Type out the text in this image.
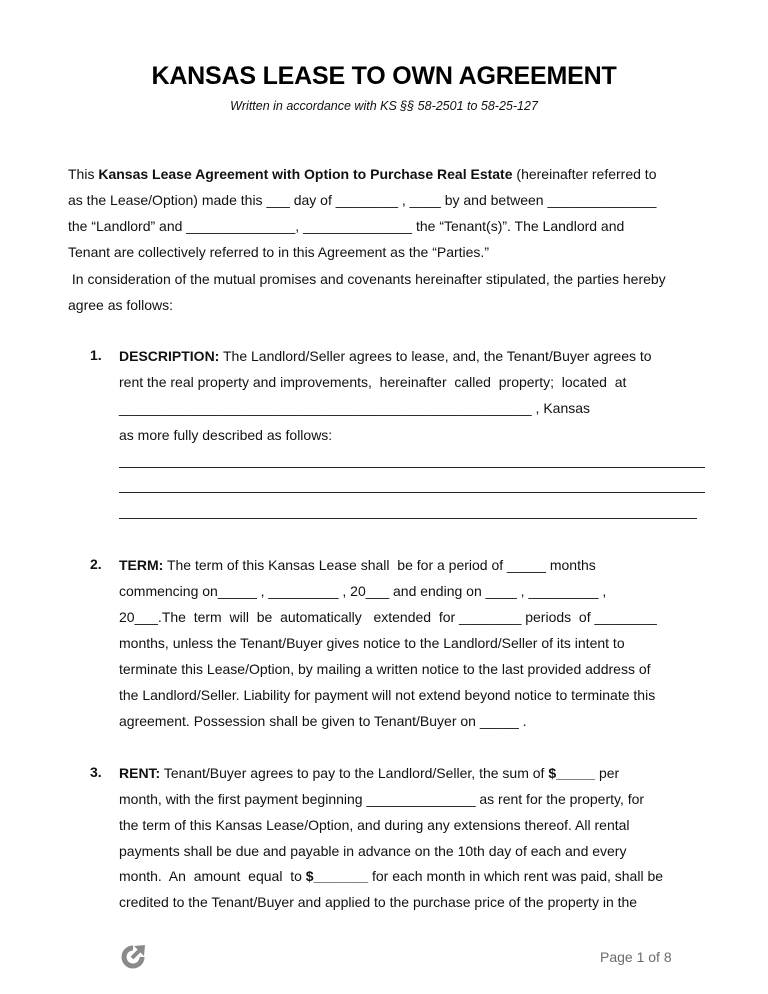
KANSAS LEASE TO OWN AGREEMENT
Written in accordance with KS §§ 58-2501 to 58-25-127
This Kansas Lease Agreement with Option to Purchase Real Estate (hereinafter referred to
as the Lease/Option) made this ___ day of ________ , ____ by and between ______________
the “Landlord” and ______________, ______________ the “Tenant(s)”. The Landlord and
Tenant are collectively referred to in this Agreement as the “Parties.”
In consideration of the mutual promises and covenants hereinafter stipulated, the parties hereby
agree as follows:
1. DESCRIPTION: The Landlord/Seller agrees to lease, and, the Tenant/Buyer agrees to
rent the real property and improvements,  hereinafter  called  property;  located  at
_____________________________________________________ , Kansas
as more fully described as follows:
2. TERM: The term of this Kansas Lease shall  be for a period of _____ months
commencing on_____ , _________ , 20___ and ending on ____ , _________ ,
20___.The  term  will  be  automatically   extended  for ________ periods  of ________
months, unless the Tenant/Buyer gives notice to the Landlord/Seller of its intent to
terminate this Lease/Option, by mailing a written notice to the last provided address of
the Landlord/Seller. Liability for payment will not extend beyond notice to terminate this
agreement. Possession shall be given to Tenant/Buyer on _____ .
3. RENT: Tenant/Buyer agrees to pay to the Landlord/Seller, the sum of $_____ per
month, with the first payment beginning ______________ as rent for the property, for
the term of this Kansas Lease/Option, and during any extensions thereof. All rental
payments shall be due and payable in advance on the 10th day of each and every
month.  An  amount  equal  to $_______ for each month in which rent was paid, shall be
credited to the Tenant/Buyer and applied to the purchase price of the property in the
Page 1 of 8
